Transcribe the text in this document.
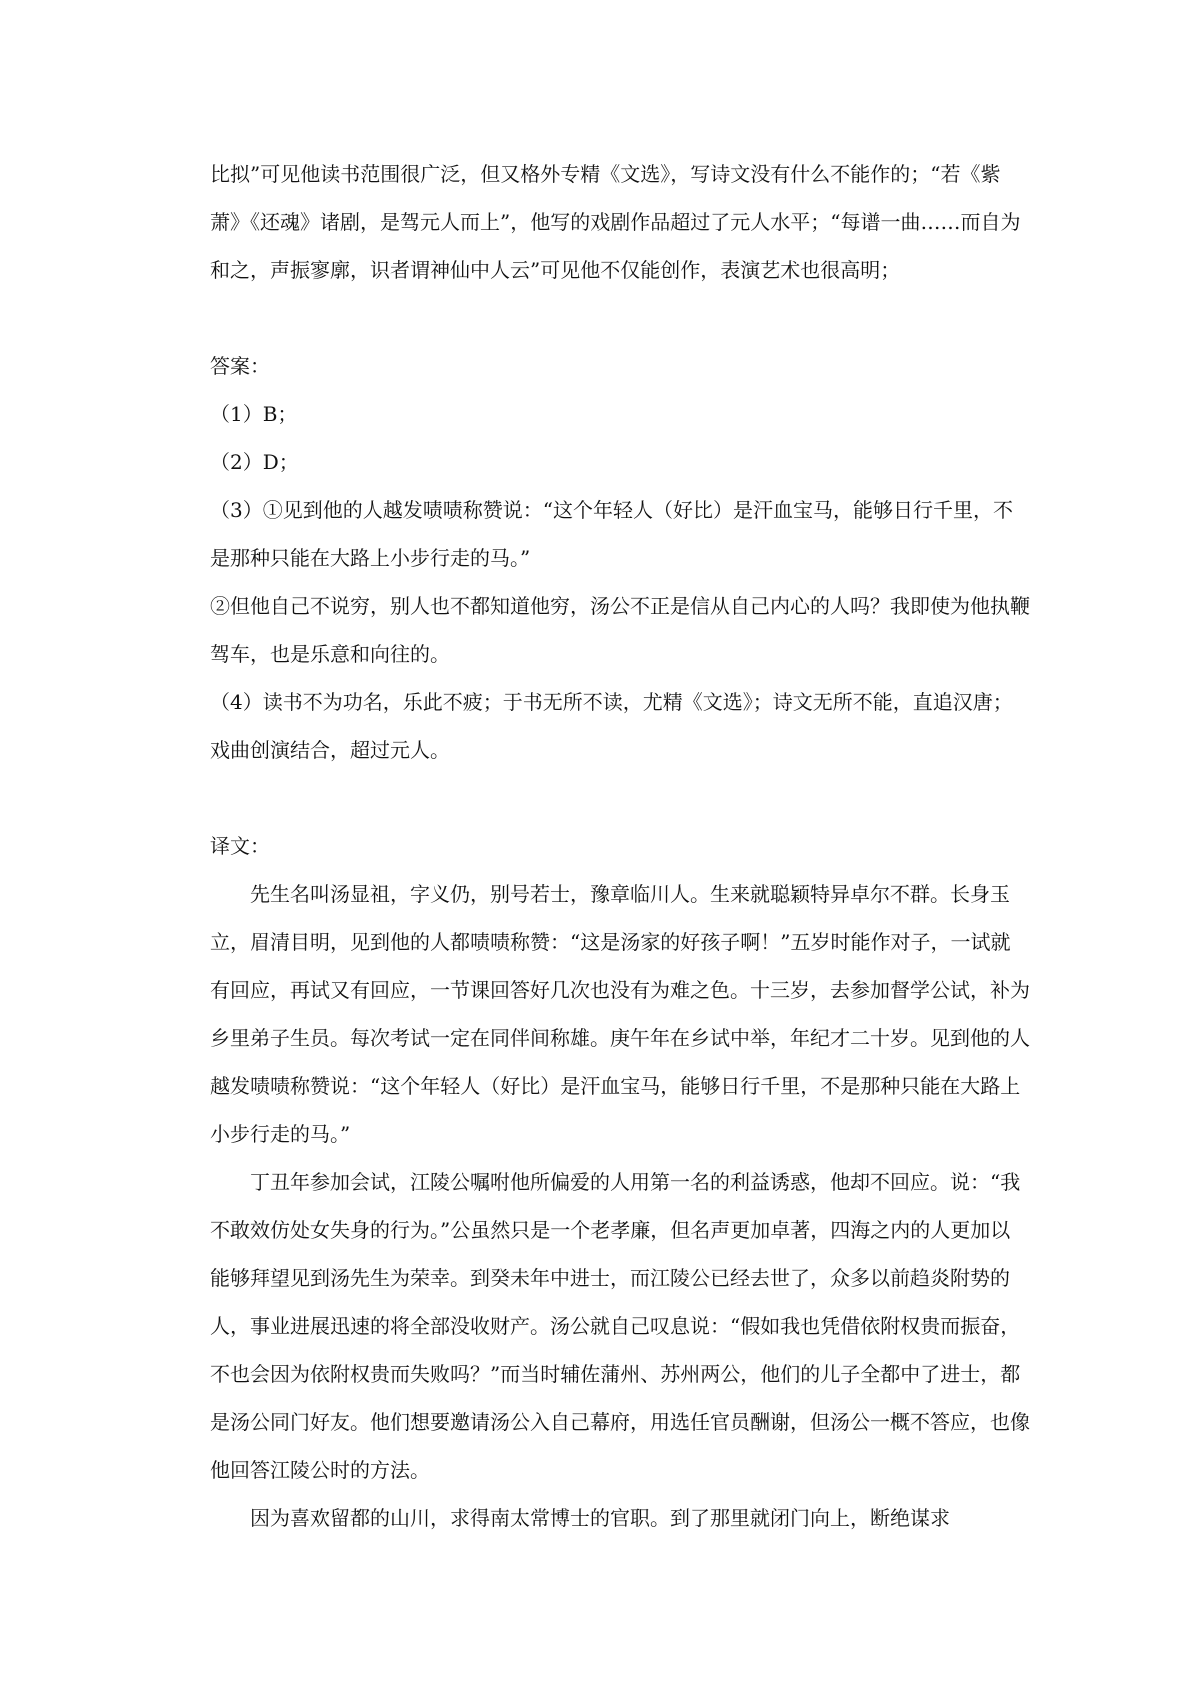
比拟”可见他读书范围很广泛，但又格外专精《文选》，写诗文没有什么不能作的；“若《紫萧》《还魂》诸剧，是驾元人而上”，他写的戏剧作品超过了元人水平；“每谱一曲……而自为和之，声振寥廓，识者谓神仙中人云”可见他不仅能创作，表演艺术也很高明；

答案：

（1）B；

（2）D；

（3）①见到他的人越发啧啧称赞说：“这个年轻人（好比）是汗血宝马，能够日行千里，不是那种只能在大路上小步行走的马。”

②但他自己不说穷，别人也不都知道他穷，汤公不正是信从自己内心的人吗？我即使为他执鞭驾车，也是乐意和向往的。

（4）读书不为功名，乐此不疲；于书无所不读，尤精《文选》；诗文无所不能，直追汉唐；戏曲创演结合，超过元人。

译文：

先生名叫汤显祖，字义仍，别号若士，豫章临川人。生来就聪颖特异卓尔不群。长身玉立，眉清目明，见到他的人都啧啧称赞：“这是汤家的好孩子啊！”五岁时能作对子，一试就有回应，再试又有回应，一节课回答好几次也没有为难之色。十三岁，去参加督学公试，补为乡里弟子生员。每次考试一定在同伴间称雄。庚午年在乡试中举，年纪才二十岁。见到他的人越发啧啧称赞说：“这个年轻人（好比）是汗血宝马，能够日行千里，不是那种只能在大路上小步行走的马。”

丁丑年参加会试，江陵公嘱咐他所偏爱的人用第一名的利益诱惑，他却不回应。说：“我不敢效仿处女失身的行为。”公虽然只是一个老孝廉，但名声更加卓著，四海之内的人更加以能够拜望见到汤先生为荣幸。到癸未年中进士，而江陵公已经去世了，众多以前趋炎附势的人，事业进展迅速的将全部没收财产。汤公就自己叹息说：“假如我也凭借依附权贵而振奋，不也会因为依附权贵而失败吗？”而当时辅佐蒲州、苏州两公，他们的儿子全都中了进士，都是汤公同门好友。他们想要邀请汤公入自己幕府，用选任官员酬谢，但汤公一概不答应，也像他回答江陵公时的方法。

因为喜欢留都的山川，求得南太常博士的官职。到了那里就闭门向上，断绝谋求
